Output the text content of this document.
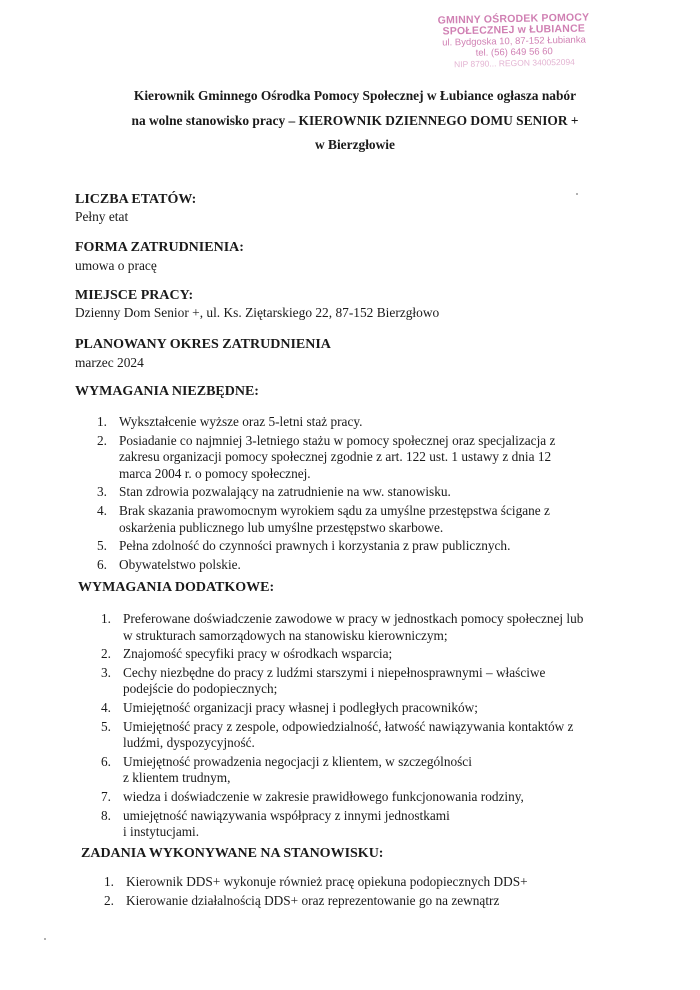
GMINNY OŚRODEK POMOCY
SPOŁECZNEJ w ŁUBIANCE
ul. Bydgoska 10, 87-152 Łubianka
tel. (56) 649 56 60
NIP 8790... REGON 340052094
Kierownik Gminnego Ośrodka Pomocy Społecznej w Łubiance ogłasza nabór
na wolne stanowisko pracy – KIEROWNIK DZIENNEGO DOMU SENIOR +
w Bierzgłowie
LICZBA ETATÓW:
Pełny etat
FORMA ZATRUDNIENIA:
umowa o pracę
MIEJSCE PRACY:
Dzienny Dom Senior +, ul. Ks. Ziętarskiego 22, 87-152 Bierzgłowo
PLANOWANY OKRES ZATRUDNIENIA
marzec 2024
WYMAGANIA NIEZBĘDNE:
1. Wykształcenie wyższe oraz 5-letni staż pracy.
2. Posiadanie co najmniej 3-letniego stażu w pomocy społecznej oraz specjalizacja z
zakresu organizacji pomocy społecznej zgodnie z art. 122 ust. 1 ustawy z dnia 12
marca 2004 r. o pomocy społecznej.
3. Stan zdrowia pozwalający na zatrudnienie na ww. stanowisku.
4. Brak skazania prawomocnym wyrokiem sądu za umyślne przestępstwa ścigane z
oskarżenia publicznego lub umyślne przestępstwo skarbowe.
5. Pełna zdolność do czynności prawnych i korzystania z praw publicznych.
6. Obywatelstwo polskie.
WYMAGANIA DODATKOWE:
1. Preferowane doświadczenie zawodowe w pracy w jednostkach pomocy społecznej lub
w strukturach samorządowych na stanowisku kierowniczym;
2. Znajomość specyfiki pracy w ośrodkach wsparcia;
3. Cechy niezbędne do pracy z ludźmi starszymi i niepełnosprawnymi – właściwe
podejście do podopiecznych;
4. Umiejętność organizacji pracy własnej i podległych pracowników;
5. Umiejętność pracy z zespole, odpowiedzialność, łatwość nawiązywania kontaktów z
ludźmi, dyspozycyjność.
6. Umiejętność prowadzenia negocjacji z klientem, w szczególności
z klientem trudnym,
7. wiedza i doświadczenie w zakresie prawidłowego funkcjonowania rodziny,
8. umiejętność nawiązywania współpracy z innymi jednostkami
i instytucjami.
ZADANIA WYKONYWANE NA STANOWISKU:
1. Kierownik DDS+ wykonuje również pracę opiekuna podopiecznych DDS+
2. Kierowanie działalnością DDS+ oraz reprezentowanie go na zewnątrz
